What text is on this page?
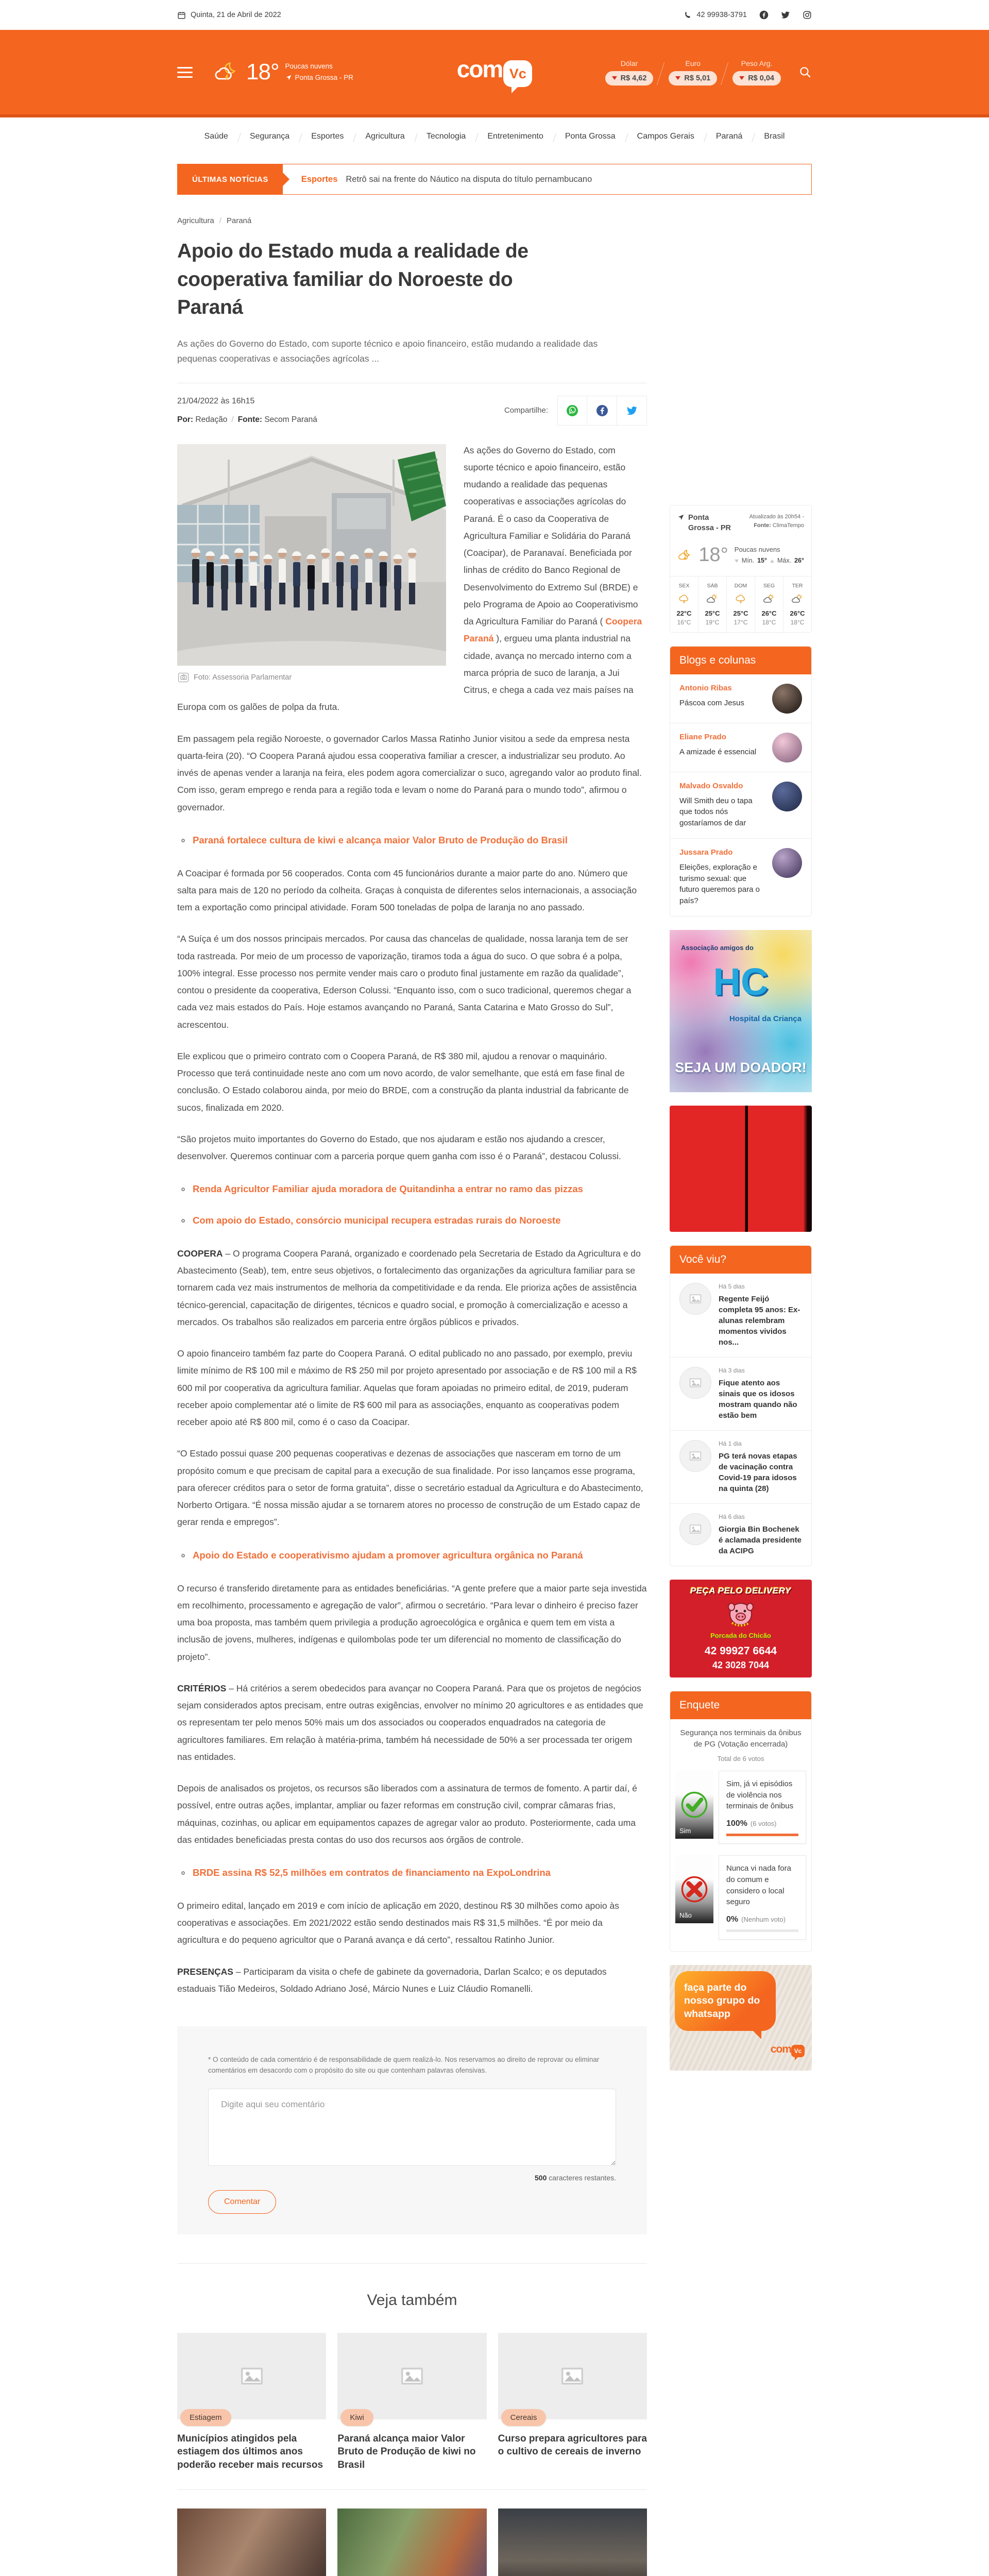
Quinta, 21 de Abril de 2022	42 99938-3791
18° Poucas nuvens
Ponta Grossa - PR	com Vc
Dólar
R$ 4,62
Euro
R$ 5,01
Peso Arg.
R$ 0,04
Saúde	Segurança	Esportes	Agricultura	Tecnologia	Entretenimento	Ponta Grossa	Campos Gerais	Paraná	Brasil
ÚLTIMAS NOTÍCIAS	Esportes Retrô sai na frente do Náutico na disputa do título pernambucano
Agricultura / Paraná
Apoio do Estado muda a realidade de cooperativa familiar do Noroeste do Paraná

As ações do Governo do Estado, com suporte técnico e apoio financeiro, estão mudando a realidade das pequenas cooperativas e associações agrícolas ...

21/04/2022 às 16h15
Por: Redação / Fonte: Secom Paraná
Compartilhe:
Foto: Assessoria Parlamentar

As ações do Governo do Estado, com suporte técnico e apoio financeiro, estão mudando a realidade das pequenas cooperativas e associações agrícolas do Paraná. É o caso da Cooperativa de Agricultura Familiar e Solidária do Paraná (Coacipar), de Paranavaí. Beneficiada por linhas de crédito do Banco Regional de Desenvolvimento do Extremo Sul (BRDE) e pelo Programa de Apoio ao Cooperativismo da Agricultura Familiar do Paraná ( Coopera Paraná ), ergueu uma planta industrial na cidade, avança no mercado interno com a marca própria de suco de laranja, a Jui Citrus, e chega a cada vez mais países na Europa com os galões de polpa da fruta.

Em passagem pela região Noroeste, o governador Carlos Massa Ratinho Junior visitou a sede da empresa nesta quarta-feira (20). “O Coopera Paraná ajudou essa cooperativa familiar a crescer, a industrializar seu produto. Ao invés de apenas vender a laranja na feira, eles podem agora comercializar o suco, agregando valor ao produto final. Com isso, geram emprego e renda para a região toda e levam o nome do Paraná para o mundo todo”, afirmou o governador.

Paraná fortalece cultura de kiwi e alcança maior Valor Bruto de Produção do Brasil

A Coacipar é formada por 56 cooperados. Conta com 45 funcionários durante a maior parte do ano. Número que salta para mais de 120 no período da colheita. Graças à conquista de diferentes selos internacionais, a associação tem a exportação como principal atividade. Foram 500 toneladas de polpa de laranja no ano passado.

“A Suíça é um dos nossos principais mercados. Por causa das chancelas de qualidade, nossa laranja tem de ser toda rastreada. Por meio de um processo de vaporização, tiramos toda a água do suco. O que sobra é a polpa, 100% integral. Esse processo nos permite vender mais caro o produto final justamente em razão da qualidade”, contou o presidente da cooperativa, Ederson Colussi. “Enquanto isso, com o suco tradicional, queremos chegar a cada vez mais estados do País. Hoje estamos avançando no Paraná, Santa Catarina e Mato Grosso do Sul”, acrescentou.

Ele explicou que o primeiro contrato com o Coopera Paraná, de R$ 380 mil, ajudou a renovar o maquinário. Processo que terá continuidade neste ano com um novo acordo, de valor semelhante, que está em fase final de conclusão. O Estado colaborou ainda, por meio do BRDE, com a construção da planta industrial da fabricante de sucos, finalizada em 2020.

“São projetos muito importantes do Governo do Estado, que nos ajudaram e estão nos ajudando a crescer, desenvolver. Queremos continuar com a parceria porque quem ganha com isso é o Paraná”, destacou Colussi.

Renda Agricultor Familiar ajuda moradora de Quitandinha a entrar no ramo das pizzas
Com apoio do Estado, consórcio municipal recupera estradas rurais do Noroeste

COOPERA – O programa Coopera Paraná, organizado e coordenado pela Secretaria de Estado da Agricultura e do Abastecimento (Seab), tem, entre seus objetivos, o fortalecimento das organizações da agricultura familiar para se tornarem cada vez mais instrumentos de melhoria da competitividade e da renda. Ele prioriza ações de assistência técnico-gerencial, capacitação de dirigentes, técnicos e quadro social, e promoção à comercialização e acesso a mercados. Os trabalhos são realizados em parceria entre órgãos públicos e privados.

O apoio financeiro também faz parte do Coopera Paraná. O edital publicado no ano passado, por exemplo, previu limite mínimo de R$ 100 mil e máximo de R$ 250 mil por projeto apresentado por associação e de R$ 100 mil a R$ 600 mil por cooperativa da agricultura familiar. Aquelas que foram apoiadas no primeiro edital, de 2019, puderam receber apoio complementar até o limite de R$ 600 mil para as associações, enquanto as cooperativas podem receber apoio até R$ 800 mil, como é o caso da Coacipar.

“O Estado possui quase 200 pequenas cooperativas e dezenas de associações que nasceram em torno de um propósito comum e que precisam de capital para a execução de sua finalidade. Por isso lançamos esse programa, para oferecer créditos para o setor de forma gratuita”, disse o secretário estadual da Agricultura e do Abastecimento, Norberto Ortigara. “É nossa missão ajudar a se tornarem atores no processo de construção de um Estado capaz de gerar renda e empregos”.

Apoio do Estado e cooperativismo ajudam a promover agricultura orgânica no Paraná

O recurso é transferido diretamente para as entidades beneficiárias. “A gente prefere que a maior parte seja investida em recolhimento, processamento e agregação de valor”, afirmou o secretário. “Para levar o dinheiro é preciso fazer uma boa proposta, mas também quem privilegia a produção agroecológica e orgânica e quem tem em vista a inclusão de jovens, mulheres, indígenas e quilombolas pode ter um diferencial no momento de classificação do projeto”.

CRITÉRIOS – Há critérios a serem obedecidos para avançar no Coopera Paraná. Para que os projetos de negócios sejam considerados aptos precisam, entre outras exigências, envolver no mínimo 20 agricultores e as entidades que os representam ter pelo menos 50% mais um dos associados ou cooperados enquadrados na categoria de agricultores familiares. Em relação à matéria-prima, também há necessidade de 50% a ser processada ter origem nas entidades.

Depois de analisados os projetos, os recursos são liberados com a assinatura de termos de fomento. A partir daí, é possível, entre outras ações, implantar, ampliar ou fazer reformas em construção civil, comprar câmaras frias, máquinas, cozinhas, ou aplicar em equipamentos capazes de agregar valor ao produto. Posteriormente, cada uma das entidades beneficiadas presta contas do uso dos recursos aos órgãos de controle.

BRDE assina R$ 52,5 milhões em contratos de financiamento na ExpoLondrina

O primeiro edital, lançado em 2019 e com início de aplicação em 2020, destinou R$ 30 milhões como apoio às cooperativas e associações. Em 2021/2022 estão sendo destinados mais R$ 31,5 milhões. “É por meio da agricultura e do pequeno agricultor que o Paraná avança e dá certo”, ressaltou Ratinho Junior.

PRESENÇAS – Participaram da visita o chefe de gabinete da governadoria, Darlan Scalco; e os deputados estaduais Tião Medeiros, Soldado Adriano José, Márcio Nunes e Luiz Cláudio Romanelli.

* O conteúdo de cada comentário é de responsabilidade de quem realizá-lo. Nos reservamos ao direito de reprovar ou eliminar comentários em desacordo com o propósito do site ou que contenham palavras ofensivas.

Digite aqui seu comentário
500 caracteres restantes.
Comentar
Veja também
Estiagem
Municípios atingidos pela estiagem dos últimos anos poderão receber mais recursos
Kiwi
Paraná alcança maior Valor Bruto de Produção de kiwi no Brasil
Cereais
Curso prepara agricultores para o cultivo de cereais de inverno
Ponta Grossa - PR
Atualizado às 20h54 -
Fonte: ClimaTempo
18° Poucas nuvens
Mín. 15° Máx. 26°
SEX
22°C
16°C
SÁB
25°C
19°C
DOM
25°C
17°C
SEG
26°C
18°C
TER
26°C
18°C
Blogs e colunas
Antonio Ribas
Páscoa com Jesus
Eliane Prado
A amizade é essencial
Malvado Osvaldo
Will Smith deu o tapa que todos nós gostaríamos de dar
Jussara Prado
Eleições, exploração e turismo sexual: que futuro queremos para o país?
Associação amigos do
HC
Hospital da Criança
SEJA UM DOADOR!
Você viu?
Há 5 dias
Regente Feijó completa 95 anos: Ex-alunas relembram momentos vividos nos...
Há 3 dias
Fique atento aos sinais que os idosos mostram quando não estão bem
Há 1 dia
PG terá novas etapas de vacinação contra Covid-19 para idosos na quinta (28)
Há 6 dias
Giorgia Bin Bochenek é aclamada presidente da ACIPG
PEÇA PELO DELIVERY
Porcada do Chicão
42 99927 6644
42 3028 7044
Enquete
Segurança nos terminais da ônibus de PG (Votação encerrada)
Total de 6 votos
Sim
Sim, já vi episódios de violência nos terminais de ônibus
100% (6 votos)
Não
Nunca vi nada fora do comum e considero o local seguro
0% (Nenhum voto)
faça parte do nosso grupo do whatsapp
com Vc
